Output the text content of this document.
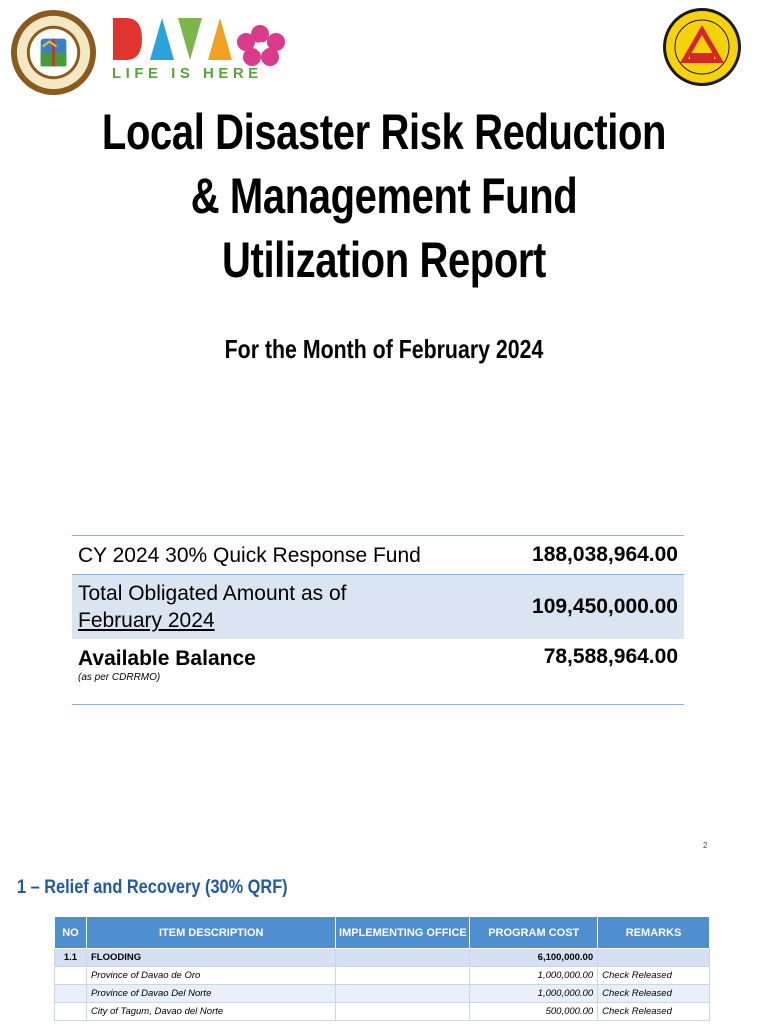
LIFE IS HERE
Local Disaster Risk Reduction
& Management Fund
Utilization Report
For the Month of February 2024
CY 2024 30% Quick Response Fund	188,038,964.00
Total Obligated Amount as of
February 2024
109,450,000.00
Available Balance
(as per CDRRMO)
78,588,964.00
2
1 – Relief and Recovery (30% QRF)
NO	ITEM DESCRIPTION	IMPLEMENTING OFFICE	PROGRAM COST	REMARKS
1.1	FLOODING		6,100,000.00	
	Province of Davao de Oro		1,000,000.00	Check Released
	Province of Davao Del Norte		1,000,000.00	Check Released
	City of Tagum, Davao del Norte		500,000.00	Check Released
